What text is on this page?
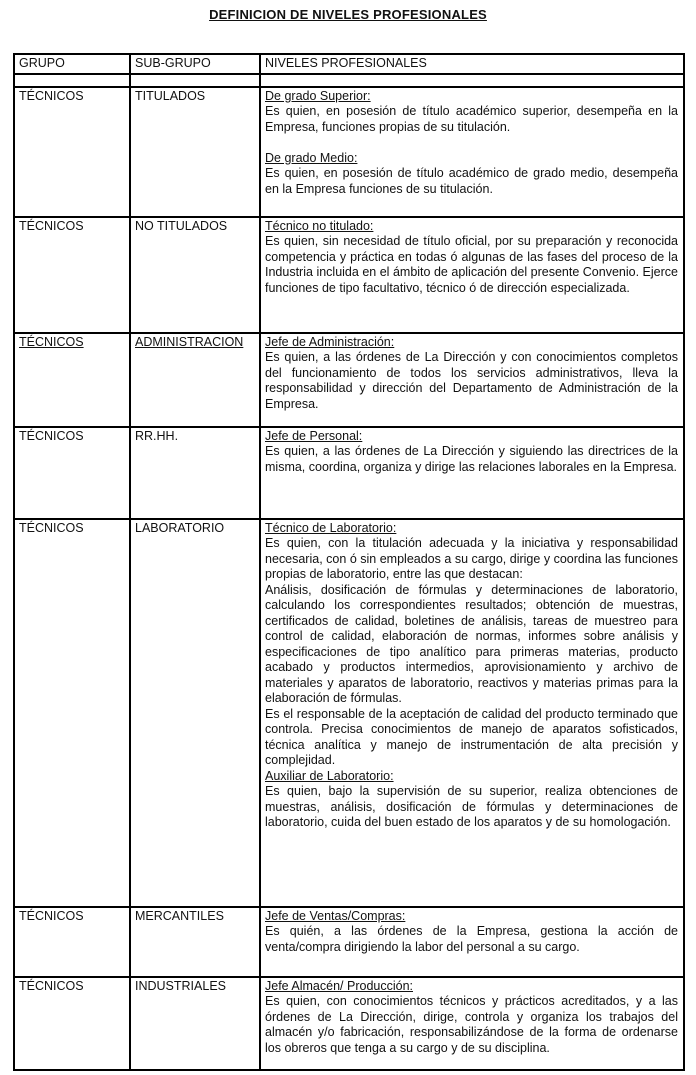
DEFINICION DE NIVELES PROFESIONALES
GRUPO	SUB-GRUPO	NIVELES PROFESIONALES

TÉCNICOS	TITULADOS	De grado Superior:
Es quien, en posesión de título académico superior, desempeña en la Empresa, funciones propias de su titulación.
De grado Medio:
Es quien, en posesión de título académico de grado medio, desempeña en la Empresa funciones de su titulación.

TÉCNICOS	NO TITULADOS	Técnico no titulado:
Es quien, sin necesidad de título oficial, por su preparación y reconocida competencia y práctica en todas ó algunas de las fases del proceso de la Industria incluida en el ámbito de aplicación del presente Convenio. Ejerce funciones de tipo facultativo, técnico ó de dirección especializada.

TÉCNICOS	ADMINISTRACION	Jefe de Administración:
Es quien, a las órdenes de La Dirección y con conocimientos completos del funcionamiento de todos los servicios administrativos, lleva la responsabilidad y dirección del Departamento de Administración de la Empresa.

TÉCNICOS	RR.HH.	Jefe de Personal:
Es quien, a las órdenes de La Dirección y siguiendo las directrices de la misma, coordina, organiza y dirige las relaciones laborales en la Empresa.

TÉCNICOS	LABORATORIO	Técnico de Laboratorio:
Es quien, con la titulación adecuada y la iniciativa y responsabilidad necesaria, con ó sin empleados a su cargo, dirige y coordina las funciones propias de laboratorio, entre las que destacan:
Análisis, dosificación de fórmulas y determinaciones de laboratorio, calculando los correspondientes resultados; obtención de muestras, certificados de calidad, boletines de análisis, tareas de muestreo para control de calidad, elaboración de normas, informes sobre análisis y especificaciones de tipo analítico para primeras materias, producto acabado y productos intermedios, aprovisionamiento y archivo de materiales y aparatos de laboratorio, reactivos y materias primas para la elaboración de fórmulas.
Es el responsable de la aceptación de calidad del producto terminado que controla. Precisa conocimientos de manejo de aparatos sofisticados, técnica analítica y manejo de instrumentación de alta precisión y complejidad.
Auxiliar de Laboratorio:
Es quien, bajo la supervisión de su superior, realiza obtenciones de muestras, análisis, dosificación de fórmulas y determinaciones de laboratorio, cuida del buen estado de los aparatos y de su homologación.

TÉCNICOS	MERCANTILES	Jefe de Ventas/Compras:
Es quién, a las órdenes de la Empresa, gestiona la acción de venta/compra dirigiendo la labor del personal a su cargo.

TÉCNICOS	INDUSTRIALES	Jefe Almacén/ Producción:
Es quien, con conocimientos técnicos y prácticos acreditados, y a las órdenes de La Dirección, dirige, controla y organiza los trabajos del almacén y/o fabricación, responsabilizándose de la forma de ordenarse los obreros que tenga a su cargo y de su disciplina.
